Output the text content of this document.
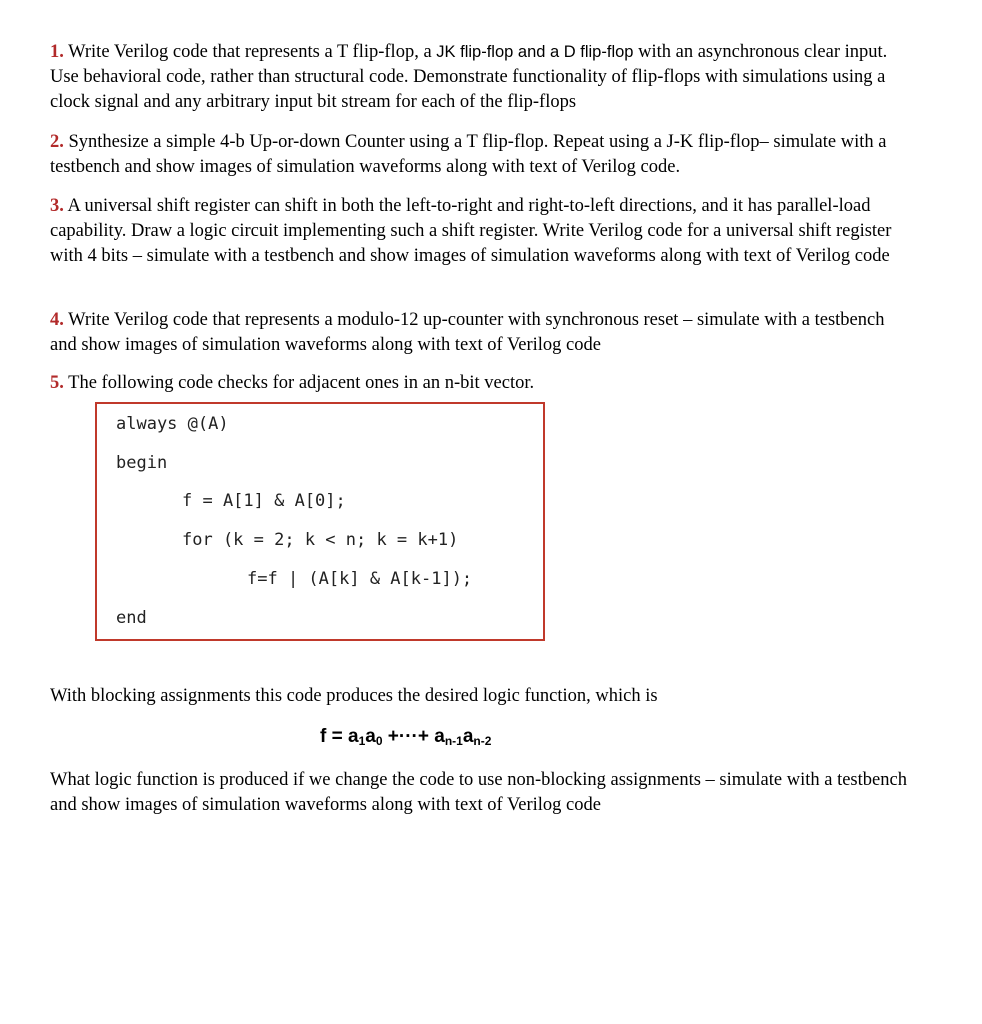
1. Write Verilog code that represents a T flip-flop, a JK flip-flop and a D flip-flop with an asynchronous clear input. Use behavioral code, rather than structural code. Demonstrate functionality of flip-flops with simulations using a clock signal and any arbitrary input bit stream for each of the flip-flops
2. Synthesize a simple 4-b Up-or-down Counter using a T flip-flop. Repeat using a J-K flip-flop– simulate with a testbench and show images of simulation waveforms along with text of Verilog code.
3. A universal shift register can shift in both the left-to-right and right-to-left directions, and it has parallel-load capability. Draw a logic circuit implementing such a shift register. Write Verilog code for a universal shift register with 4 bits – simulate with a testbench and show images of simulation waveforms along with text of Verilog code
4. Write Verilog code that represents a modulo-12 up-counter with synchronous reset – simulate with a testbench and show images of simulation waveforms along with text of Verilog code
5. The following code checks for adjacent ones in an n-bit vector.
always @(A)
begin
f = A[1] & A[0];
for (k = 2; k < n; k = k+1)
f=f | (A[k] & A[k-1]);
end
With blocking assignments this code produces the desired logic function, which is
$f = a_1a_0$ +···+ $a_{n-1}a_{n-2}$
What logic function is produced if we change the code to use non-blocking assignments – simulate with a testbench and show images of simulation waveforms along with text of Verilog code
